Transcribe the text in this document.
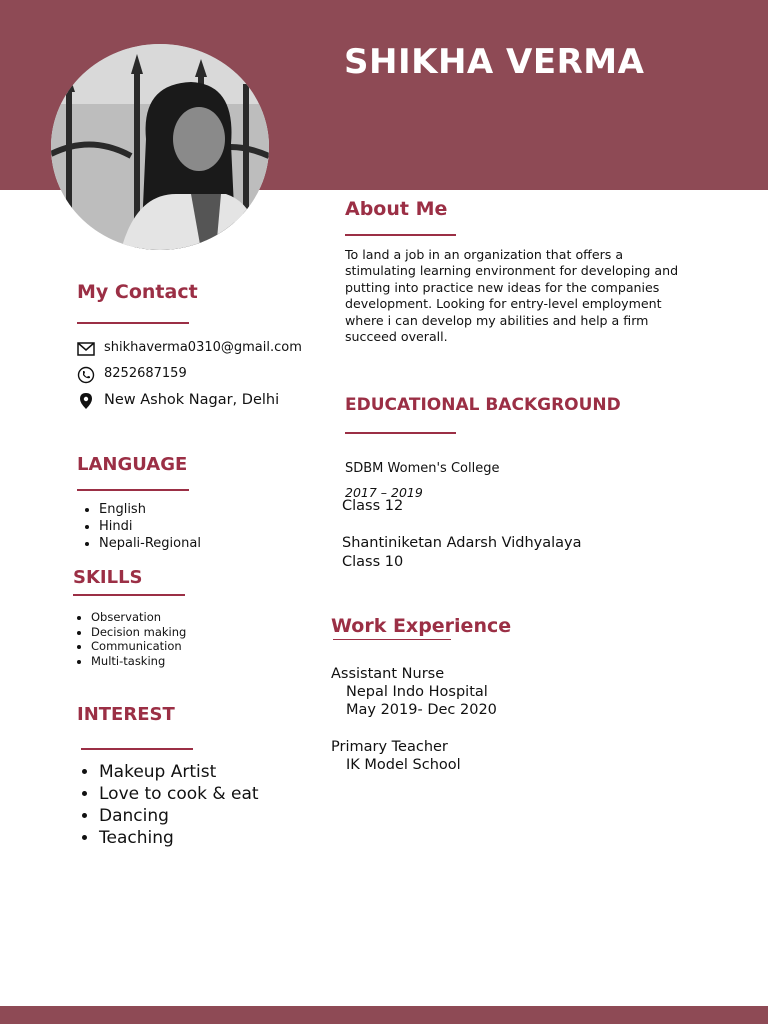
SHIKHA VERMA
About Me
To land a job in an organization that offers a stimulating learning environment for developing and putting into practice new ideas for the companies development. Looking for entry-level employment where i can develop my abilities and help a firm succeed overall.
My Contact
shikhaverma0310@gmail.com
8252687159
New Ashok Nagar, Delhi
LANGUAGE
• English
• Hindi
• Nepali-Regional
SKILLS
• Observation
• Decision making
• Communication
• Multi-tasking
INTEREST
• Makeup Artist
• Love to cook & eat
• Dancing
• Teaching
EDUCATIONAL BACKGROUND
SDBM Women's College
2017 – 2019
Class 12
Shantiniketan Adarsh Vidhyalaya
Class 10
Work Experience
Assistant Nurse
Nepal Indo Hospital
May 2019- Dec 2020
Primary Teacher
IK Model School
